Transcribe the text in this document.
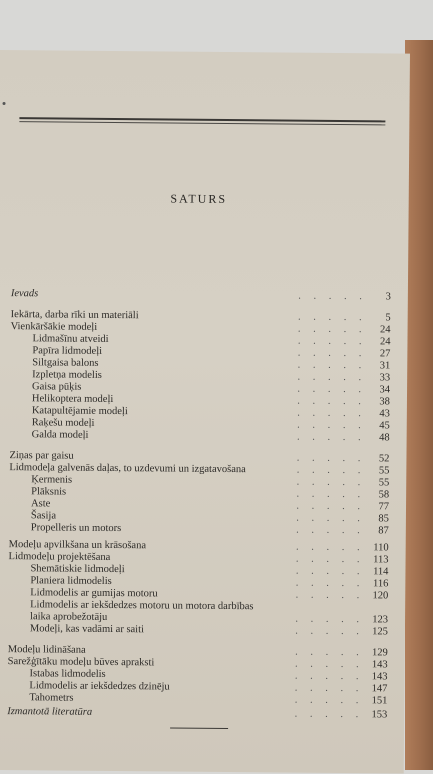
SATURS
Ievads	. . . . .	3
Iekārta, darba rīki un materiāli	. . . . .	5
Vienkāršākie modeļi	. . . . .	24
Lidmašīnu atveidi	. . . . .	24
Papīra lidmodeļi	. . . . .	27
Siltgaisa balons	. . . . .	31
Izpletņa modelis	. . . . .	33
Gaisa pūķis	. . . . .	34
Helikoptera modeļi	. . . . .	38
Katapultējamie modeļi	. . . . .	43
Raķešu modeļi	. . . . .	45
Galda modeļi	. . . . .	48
Ziņas par gaisu	. . . . .	52
Lidmodeļa galvenās daļas, to uzdevumi un izgatavošana	. . . . .	55
Ķermenis	. . . . .	55
Plāksnis	. . . . .	58
Aste	. . . . .	77
Šasija	. . . . .	85
Propelleris un motors	. . . . .	87
Modeļu apvilkšana un krāsošana	. . . . . 110
Lidmodeļu projektēšana	. . . . . 113
Shemātiskie lidmodeļi	. . . . . 114
Planiera lidmodelis	. . . . . 116
Lidmodelis ar gumijas motoru	. . . . . 120
Lidmodelis ar iekšdedzes motoru un motora darbības
laika aprobežotāju	. . . . . 123
Modeļi, kas vadāmi ar saiti	. . . . . 125
Modeļu lidināšana	. . . . . 129
Sarežģītāku modeļu būves apraksti	. . . . . 143
Istabas lidmodelis	. . . . . 143
Lidmodelis ar iekšdedzes dzinēju	. . . . . 147
Tahometrs	. . . . . 151
Izmantotā literatūra	. . . . . 153
